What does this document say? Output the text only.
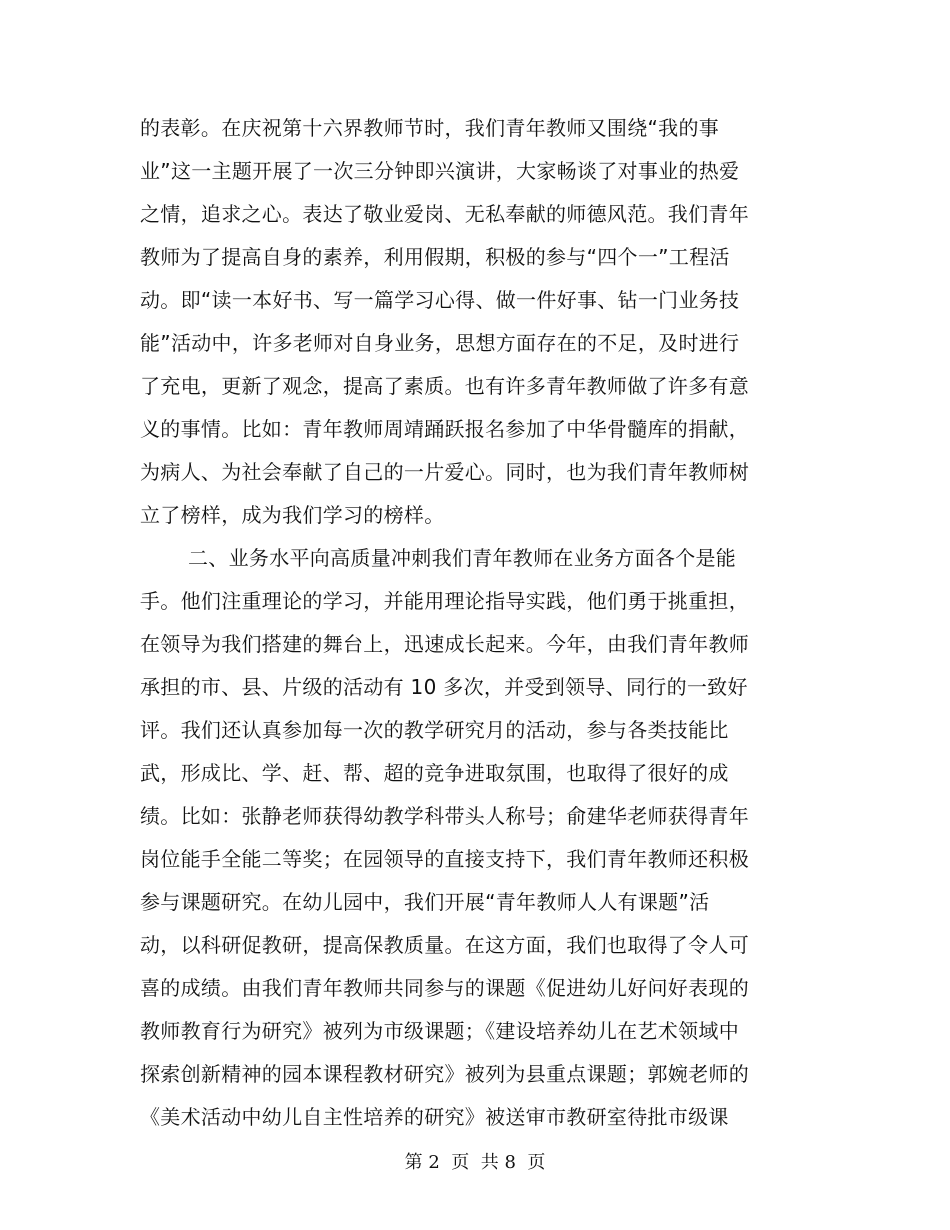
的表彰。在庆祝第十六界教师节时，我们青年教师又围绕“我的事
业”这一主题开展了一次三分钟即兴演讲，大家畅谈了对事业的热爱
之情，追求之心。表达了敬业爱岗、无私奉献的师德风范。我们青年
教师为了提高自身的素养，利用假期，积极的参与“四个一”工程活
动。即“读一本好书、写一篇学习心得、做一件好事、钻一门业务技
能”活动中，许多老师对自身业务，思想方面存在的不足，及时进行
了充电，更新了观念，提高了素质。也有许多青年教师做了许多有意
义的事情。比如：青年教师周靖踊跃报名参加了中华骨髓库的捐献，
为病人、为社会奉献了自己的一片爱心。同时，也为我们青年教师树
立了榜样，成为我们学习的榜样。
二、业务水平向高质量冲刺我们青年教师在业务方面各个是能
手。他们注重理论的学习，并能用理论指导实践，他们勇于挑重担，
在领导为我们搭建的舞台上，迅速成长起来。今年，由我们青年教师
承担的市、县、片级的活动有 10 多次，并受到领导、同行的一致好
评。我们还认真参加每一次的教学研究月的活动，参与各类技能比
武，形成比、学、赶、帮、超的竞争进取氛围，也取得了很好的成
绩。比如：张静老师获得幼教学科带头人称号；俞建华老师获得青年
岗位能手全能二等奖；在园领导的直接支持下，我们青年教师还积极
参与课题研究。在幼儿园中，我们开展“青年教师人人有课题”活
动，以科研促教研，提高保教质量。在这方面，我们也取得了令人可
喜的成绩。由我们青年教师共同参与的课题《促进幼儿好问好表现的
教师教育行为研究》被列为市级课题；《建设培养幼儿在艺术领域中
探索创新精神的园本课程教材研究》被列为县重点课题；郭婉老师的
《美术活动中幼儿自主性培养的研究》被送审市教研室待批市级课
第 2  页  共 8  页
